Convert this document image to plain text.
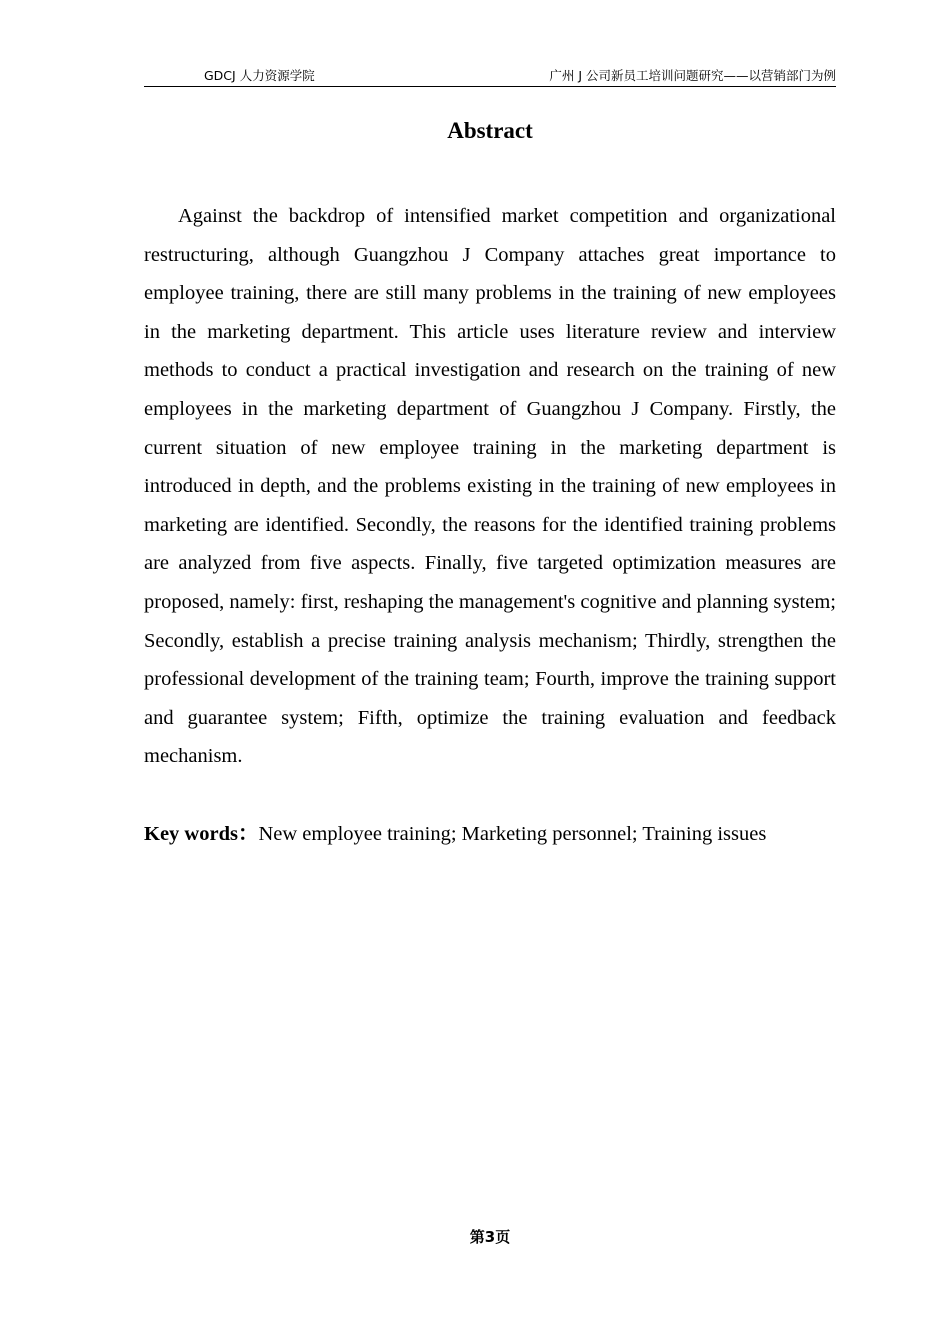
GDCJ 人力资源学院	广州 J 公司新员工培训问题研究——以营销部门为例
Abstract

Against the backdrop of intensified market competition and organizational restructuring, although Guangzhou J Company attaches great importance to employee training, there are still many problems in the training of new employees in the marketing department. This article uses literature review and interview methods to conduct a practical investigation and research on the training of new employees in the marketing department of Guangzhou J Company. Firstly, the current situation of new employee training in the marketing department is introduced in depth, and the problems existing in the training of new employees in marketing are identified. Secondly, the reasons for the identified training problems are analyzed from five aspects. Finally, five targeted optimization measures are proposed, namely: first, reshaping the management's cognitive and planning system; Secondly, establish a precise training analysis mechanism; Thirdly, strengthen the professional development of the training team; Fourth, improve the training support and guarantee system; Fifth, optimize the training evaluation and feedback mechanism.

Key words：New employee training; Marketing personnel; Training issues

第3页
